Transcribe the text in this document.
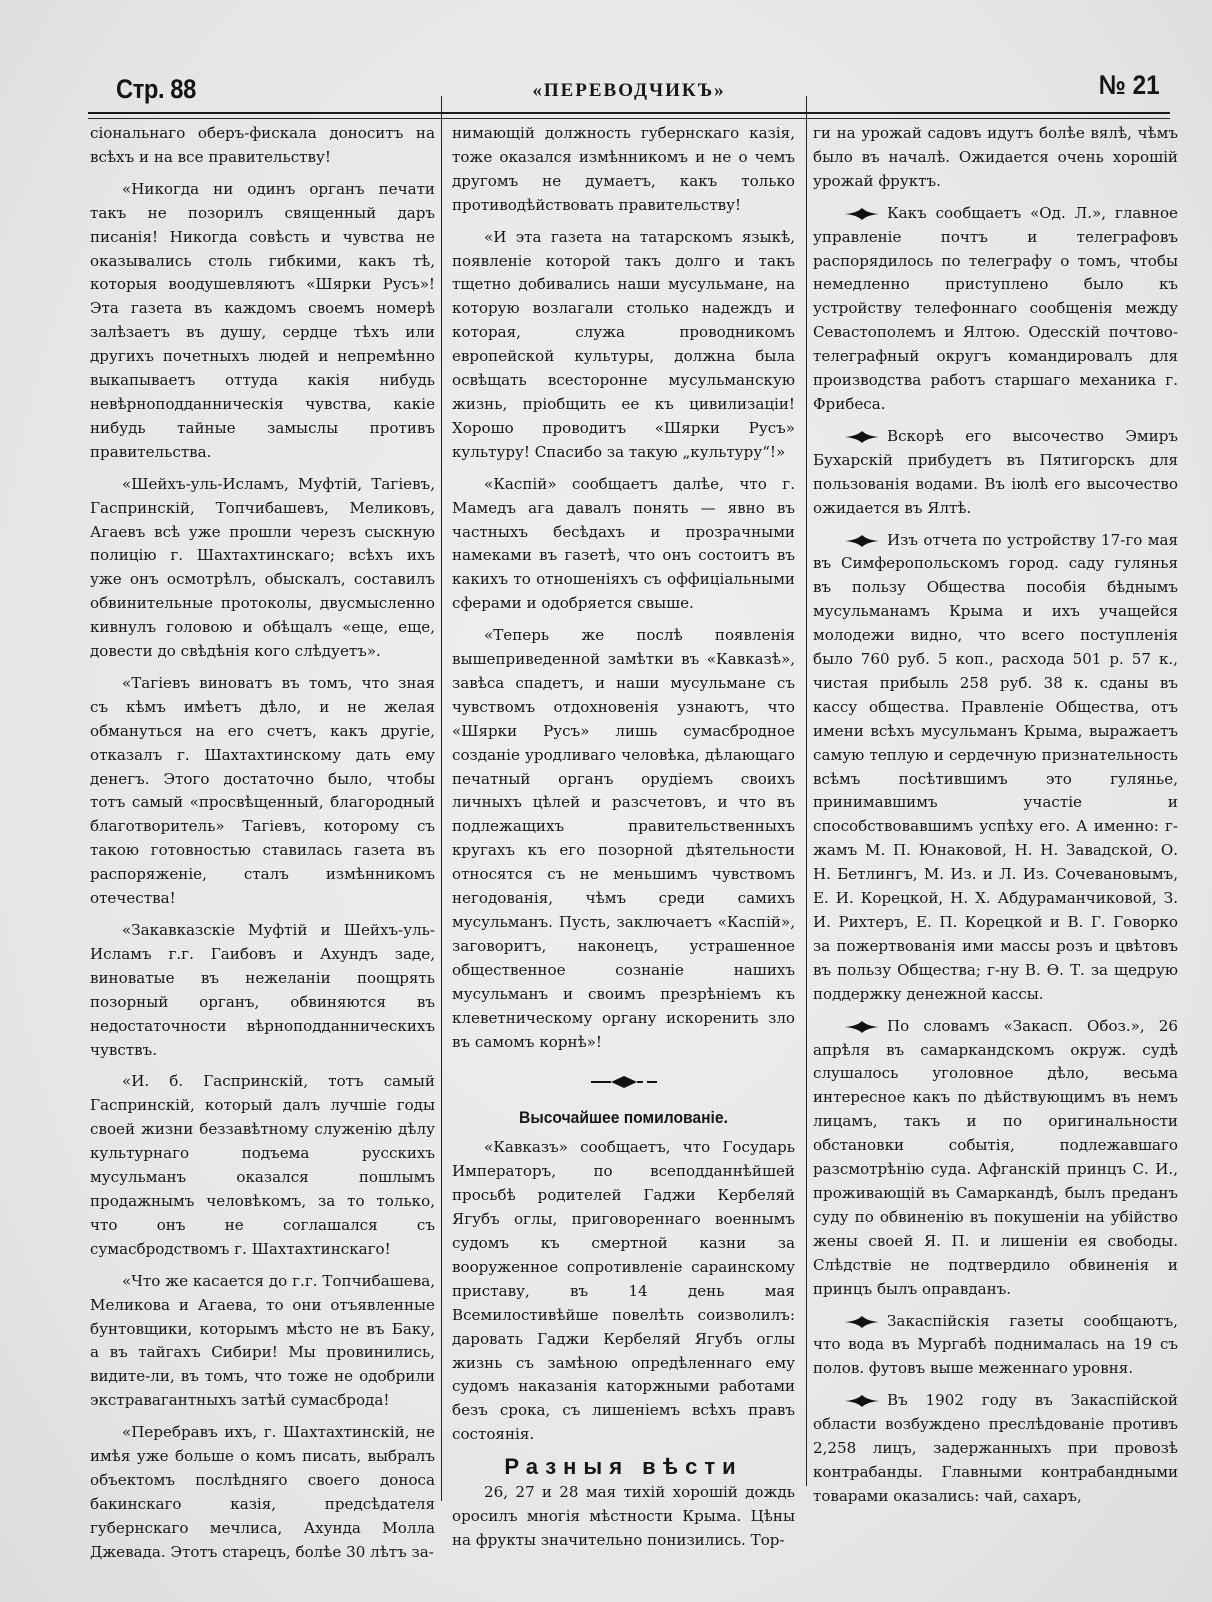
Стр. 88	«ПЕРЕВОДЧИКЪ»	№ 21

сіональнаго оберъ-фискала доноситъ на всѣхъ и на все правительству!

«Никогда ни одинъ органъ печати такъ не позорилъ священный даръ писанія! Никогда совѣсть и чувства не оказывались столь гибкими, какъ тѣ, которыя воодушевляютъ «Шярки Русъ»! Эта газета въ каждомъ своемъ номерѣ залѣзаетъ въ душу, сердце тѣхъ или другихъ почетныхъ людей и непремѣнно выкапываетъ оттуда какія нибудь невѣрноподданническія чувства, какіе нибудь тайные замыслы противъ правительства.

«Шейхъ-уль-Исламъ, Муфтій, Тагіевъ, Гаспринскій, Топчибашевъ, Меликовъ, Агаевъ всѣ уже прошли черезъ сыскную полицію г. Шахтахтинскаго; всѣхъ ихъ уже онъ осмотрѣлъ, обыскалъ, составилъ обвинительные протоколы, двусмысленно кивнулъ головою и обѣщалъ «еще, еще, довести до свѣдѣнія кого слѣдуетъ».

«Тагіевъ виноватъ въ томъ, что зная съ кѣмъ имѣетъ дѣло, и не желая обмануться на его счетъ, какъ другіе, отказалъ г. Шахтахтинскому дать ему денегъ. Этого достаточно было, чтобы тотъ самый «просвѣщенный, благородный благотворитель» Тагіевъ, которому съ такою готовностью ставилась газета въ распоряженіе, сталъ измѣнникомъ отечества!

«Закавказскіе Муфтій и Шейхъ-уль-Исламъ г.г. Гаибовъ и Ахундъ заде, виноватые въ нежеланіи поощрять позорный органъ, обвиняются въ недостаточности вѣрноподданническихъ чувствъ.

«И. б. Гаспринскій, тотъ самый Гаспринскій, который далъ лучшіе годы своей жизни беззавѣтному служенію дѣлу культурнаго подъема русскихъ мусульманъ оказался пошлымъ продажнымъ человѣкомъ, за то только, что онъ не соглашался съ сумасбродствомъ г. Шахтахтинскаго!

«Что же касается до г.г. Топчибашева, Меликова и Агаева, то они отъявленные бунтовщики, которымъ мѣсто не въ Баку, а въ тайгахъ Сибири! Мы провинились, видите-ли, въ томъ, что тоже не одобрили экстравагантныхъ затѣй сумасброда!

«Перебравъ ихъ, г. Шахтахтинскій, не имѣя уже больше о комъ писать, выбралъ объектомъ послѣдняго своего доноса бакинскаго казія, предсѣдателя губернскаго мечлиса, Ахунда Молла Джевада. Этотъ старецъ, болѣе 30 лѣтъ за-

нимающій должность губернскаго казія, тоже оказался измѣнникомъ и не о чемъ другомъ не думаетъ, какъ только противодѣйствовать правительству!

«И эта газета на татарскомъ языкѣ, появленіе которой такъ долго и такъ тщетно добивались наши мусульмане, на которую возлагали столько надеждъ и которая, служа проводникомъ европейской культуры, должна была освѣщать всесторонне мусульманскую жизнь, пріобщить ее къ цивилизаціи! Хорошо проводитъ «Шярки Русъ» культуру! Спасибо за такую „культуру“!»

«Каспій» сообщаетъ далѣе, что г. Мамедъ ага давалъ понять — явно въ частныхъ бесѣдахъ и прозрачными намеками въ газетѣ, что онъ состоитъ въ какихъ то отношеніяхъ съ оффиціальными сферами и одобряется свыше.

«Теперь же послѣ появленія вышеприведенной замѣтки въ «Кавказѣ», завѣса спадетъ, и наши мусульмане съ чувствомъ отдохновенія узнаютъ, что «Шярки Русъ» лишь сумасбродное созданіе уродливаго человѣка, дѣлающаго печатный органъ орудіемъ своихъ личныхъ цѣлей и разсчетовъ, и что въ подлежащихъ правительственныхъ кругахъ къ его позорной дѣятельности относятся съ не меньшимъ чувствомъ негодованія, чѣмъ среди самихъ мусульманъ. Пусть, заключаетъ «Каспій», заговоритъ, наконецъ, устрашенное общественное сознаніе нашихъ мусульманъ и своимъ презрѣніемъ къ клеветническому органу искоренить зло въ самомъ корнѣ»!

Высочайшее помилованіе.

«Кавказъ» сообщаетъ, что Государь Императоръ, по всеподданнѣйшей просьбѣ родителей Гаджи Кербеляй Ягубъ оглы, приговореннаго военнымъ судомъ къ смертной казни за вооруженное сопротивленіе сараинскому приставу, въ 14 день мая Всемилостивѣйше повелѣть соизволилъ: даровать Гаджи Кербеляй Ягубъ оглы жизнь съ замѣною опредѣленнаго ему судомъ наказанія каторжными работами безъ срока, съ лишеніемъ всѣхъ правъ состоянія.

Разныя вѣсти

26, 27 и 28 мая тихій хорошій дождь оросилъ многія мѣстности Крыма. Цѣны на фрукты значительно понизились. Тор-

ги на урожай садовъ идутъ болѣе вялѣ, чѣмъ было въ началѣ. Ожидается очень хорошій урожай фруктъ.

Какъ сообщаетъ «Од. Л.», главное управленіе почтъ и телеграфовъ распорядилось по телеграфу о томъ, чтобы немедленно приступлено было къ устройству телефоннаго сообщенія между Севастополемъ и Ялтою. Одесскій почтово-телеграфный округъ командировалъ для производства работъ старшаго механика г. Фрибеса.

Вскорѣ его высочество Эмиръ Бухарскій прибудетъ въ Пятигорскъ для пользованія водами. Въ іюлѣ его высочество ожидается въ Ялтѣ.

Изъ отчета по устройству 17-го мая въ Симферопольскомъ город. саду гулянья въ пользу Общества пособія бѣднымъ мусульманамъ Крыма и ихъ учащейся молодежи видно, что всего поступленія было 760 руб. 5 коп., расхода 501 р. 57 к., чистая прибыль 258 руб. 38 к. сданы въ кассу общества. Правленіе Общества, отъ имени всѣхъ мусульманъ Крыма, выражаетъ самую теплую и сердечную признательность всѣмъ посѣтившимъ это гулянье, принимавшимъ участіе и способствовавшимъ успѣху его. А именно: г-жамъ М. П. Юнаковой, Н. Н. Завадской, О. Н. Бетлингъ, М. Из. и Л. Из. Сочевановымъ, Е. И. Корецкой, Н. Х. Абдураманчиковой, З. И. Рихтеръ, Е. П. Корецкой и В. Г. Говорко за пожертвованія ими массы розъ и цвѣтовъ въ пользу Общества; г-ну В. Ѳ. Т. за щедрую поддержку денежной кассы.

По словамъ «Закасп. Обоз.», 26 апрѣля въ самаркандскомъ окруж. судѣ слушалось уголовное дѣло, весьма интересное какъ по дѣйствующимъ въ немъ лицамъ, такъ и по оригинальности обстановки событія, подлежавшаго разсмотрѣнію суда. Афганскій принцъ С. И., проживающій въ Самаркандѣ, былъ преданъ суду по обвиненію въ покушеніи на убійство жены своей Я. П. и лишеніи ея свободы. Слѣдствіе не подтвердило обвиненія и принцъ былъ оправданъ.

Закаспійскія газеты сообщаютъ, что вода въ Мургабѣ поднималась на 19 съ полов. футовъ выше меженнаго уровня.

Въ 1902 году въ Закаспійской области возбуждено преслѣдованіе противъ 2,258 лицъ, задержанныхъ при провозѣ контрабанды. Главными контрабандными товарами оказались: чай, сахаръ,
